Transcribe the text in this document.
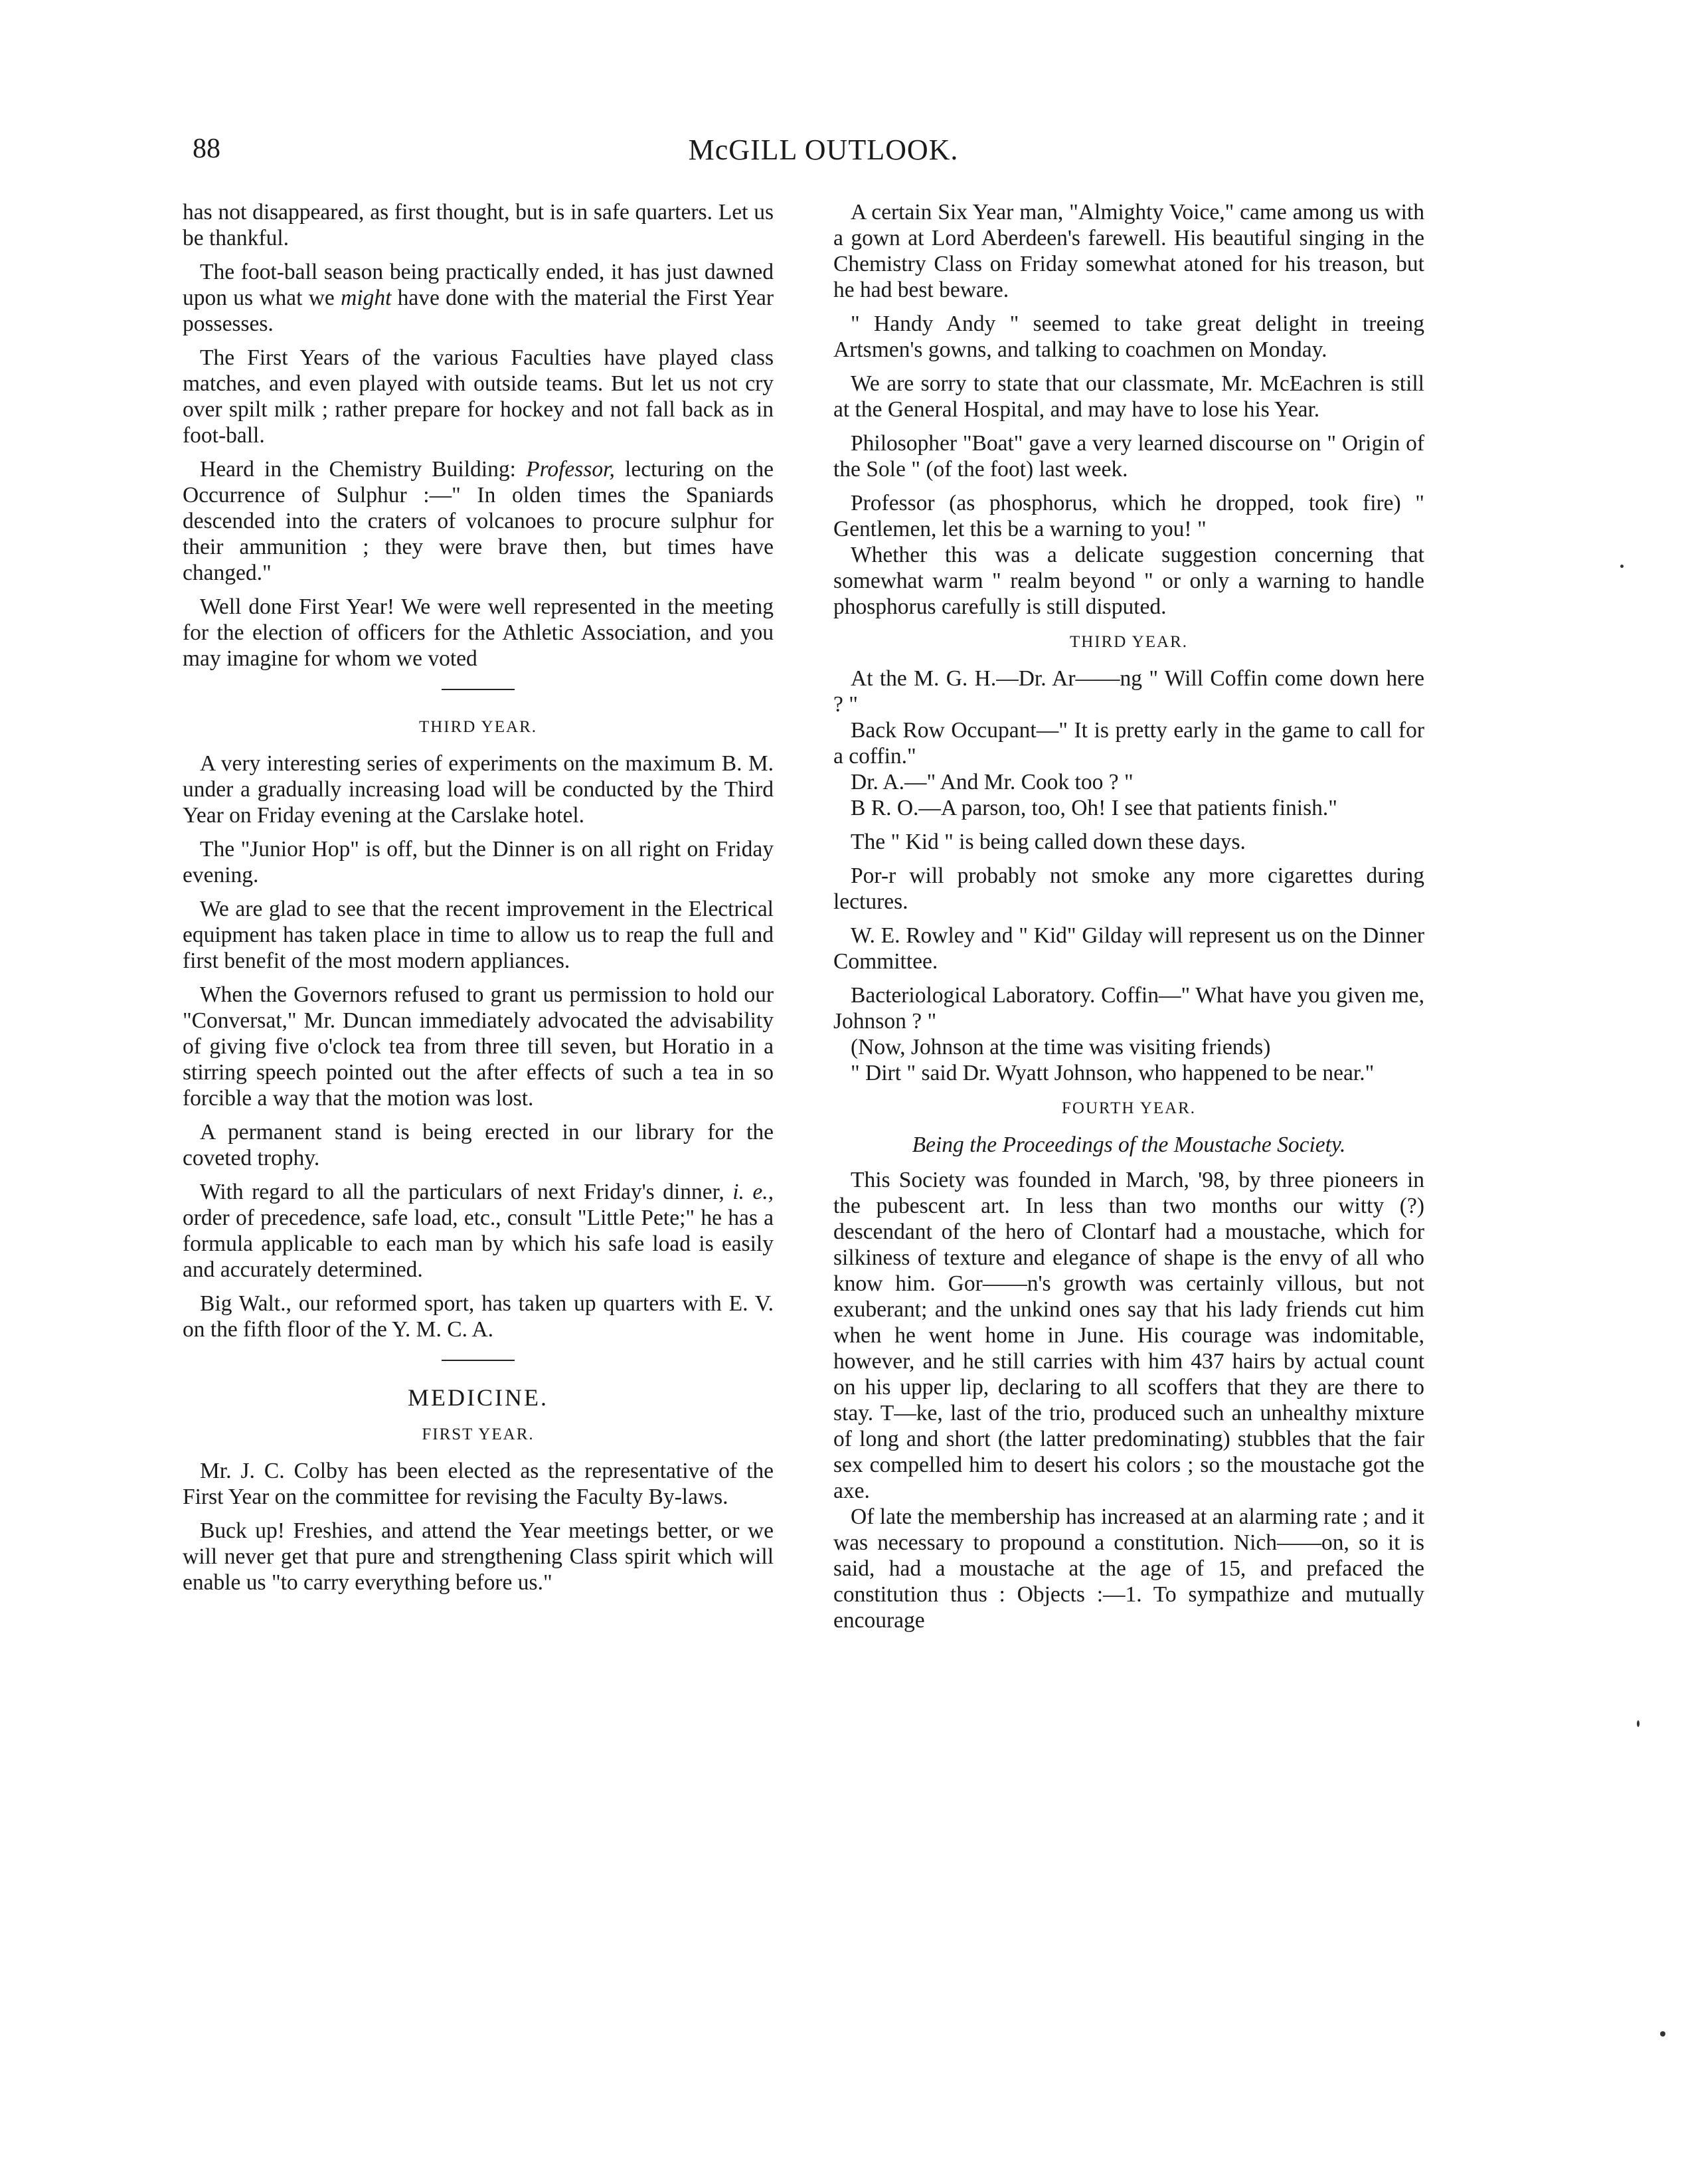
88	McGILL OUTLOOK.

has not disappeared, as first thought, but is in safe quarters. Let us be thankful.

The foot-ball season being practically ended, it has just dawned upon us what we might have done with the material the First Year possesses.

The First Years of the various Faculties have played class matches, and even played with outside teams. But let us not cry over spilt milk ; rather prepare for hockey and not fall back as in foot-ball.

Heard in the Chemistry Building: Professor, lecturing on the Occurrence of Sulphur :—" In olden times the Spaniards descended into the craters of volcanoes to procure sulphur for their ammunition ; they were brave then, but times have changed."

Well done First Year! We were well represented in the meeting for the election of officers for the Athletic Association, and you may imagine for whom we voted

THIRD YEAR.

A very interesting series of experiments on the maximum B. M. under a gradually increasing load will be conducted by the Third Year on Friday evening at the Carslake hotel.

The "Junior Hop" is off, but the Dinner is on all right on Friday evening.

We are glad to see that the recent improvement in the Electrical equipment has taken place in time to allow us to reap the full and first benefit of the most modern appliances.

When the Governors refused to grant us permission to hold our "Conversat," Mr. Duncan immediately advocated the advisability of giving five o'clock tea from three till seven, but Horatio in a stirring speech pointed out the after effects of such a tea in so forcible a way that the motion was lost.

A permanent stand is being erected in our library for the coveted trophy.

With regard to all the particulars of next Friday's dinner, i. e., order of precedence, safe load, etc., consult "Little Pete;" he has a formula applicable to each man by which his safe load is easily and accurately determined.

Big Walt., our reformed sport, has taken up quarters with E. V. on the fifth floor of the Y. M. C. A.

MEDICINE.
FIRST YEAR.

Mr. J. C. Colby has been elected as the representative of the First Year on the committee for revising the Faculty By-laws.

Buck up! Freshies, and attend the Year meetings better, or we will never get that pure and strengthening Class spirit which will enable us "to carry everything before us."

A certain Six Year man, "Almighty Voice," came among us with a gown at Lord Aberdeen's farewell. His beautiful singing in the Chemistry Class on Friday somewhat atoned for his treason, but he had best beware.

" Handy Andy " seemed to take great delight in treeing Artsmen's gowns, and talking to coachmen on Monday.

We are sorry to state that our classmate, Mr. McEachren is still at the General Hospital, and may have to lose his Year.

Philosopher "Boat" gave a very learned discourse on " Origin of the Sole " (of the foot) last week.

Professor (as phosphorus, which he dropped, took fire) " Gentlemen, let this be a warning to you! "

Whether this was a delicate suggestion concerning that somewhat warm " realm beyond " or only a warning to handle phosphorus carefully is still disputed.

THIRD YEAR.

At the M. G. H.—Dr. Ar——ng " Will Coffin come down here ? "

Back Row Occupant—" It is pretty early in the game to call for a coffin."

Dr. A.—" And Mr. Cook too ? "

B R. O.—A parson, too, Oh! I see that patients finish."

The " Kid " is being called down these days.

Por-r will probably not smoke any more cigarettes during lectures.

W. E. Rowley and " Kid" Gilday will represent us on the Dinner Committee.

Bacteriological Laboratory. Coffin—" What have you given me, Johnson ? "

(Now, Johnson at the time was visiting friends)

" Dirt " said Dr. Wyatt Johnson, who happened to be near."

FOURTH YEAR.
Being the Proceedings of the Moustache Society.

This Society was founded in March, '98, by three pioneers in the pubescent art. In less than two months our witty (?) descendant of the hero of Clontarf had a moustache, which for silkiness of texture and elegance of shape is the envy of all who know him. Gor——n's growth was certainly villous, but not exuberant; and the unkind ones say that his lady friends cut him when he went home in June. His courage was indomitable, however, and he still carries with him 437 hairs by actual count on his upper lip, declaring to all scoffers that they are there to stay. T—ke, last of the trio, produced such an unhealthy mixture of long and short (the latter predominating) stubbles that the fair sex compelled him to desert his colors ; so the moustache got the axe.

Of late the membership has increased at an alarming rate ; and it was necessary to propound a constitution. Nich——on, so it is said, had a moustache at the age of 15, and prefaced the constitution thus : Objects :—1. To sympathize and mutually encourage
